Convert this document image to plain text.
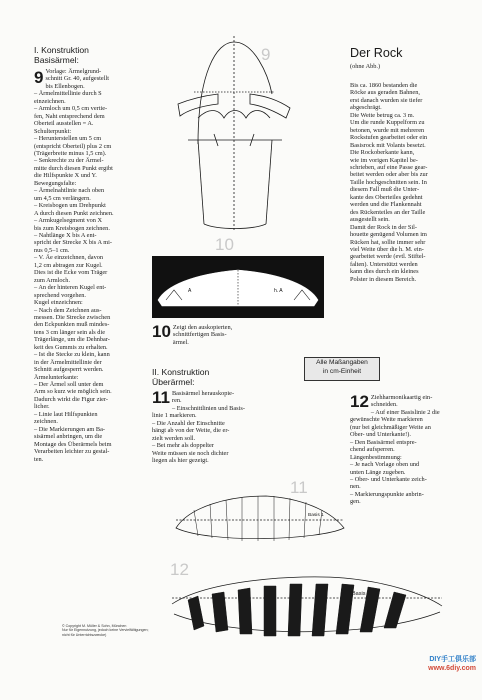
I. Konstruktion
Basisärmel:
9 Vorlage: Ärmelgrund-
schnitt Gr. 40, aufgestellt
bis Ellenbogen.
– Ärmelmittellinie durch S
einzeichnen.
– Armloch um 0,5 cm vertie-
fen, Naht entsprechend dem
Oberteil ausstellen = A.
Schulterpunkt:
– Herunterstellen um 5 cm
(entspricht Oberteil) plus 2 cm
(Trägerbreite minus 1,5 cm).
– Senkrechte zu der Ärmel-
mitte durch diesen Punkt ergibt
die Hilfspunkte X und Y.
Bewegungsfalte:
– Ärmelnahtlinie nach oben
um 4,5 cm verlängern.
– Kreisbogen um Drehpunkt
A durch diesen Punkt zeichnen.
– Armkugelsegment von X
bis zum Kreisbogen zeichnen.
– Nahtlänge X bis A ent-
spricht der Strecke X bis A mi-
nus 0,5–1 cm.
– V. Äe einzeichnen, davon
1,2 cm abtragen zur Kugel.
Dies ist die Ecke vom Träger
zum Armloch.
– An der hinteren Kugel ent-
sprechend vorgehen.
Kugel einzeichnen:
– Nach dem Zeichnen aus-
messen. Die Strecke zwischen
den Eckpunkten muß mindes-
tens 3 cm länger sein als die
Trägerlänge, um die Dehnbar-
keit des Gummis zu erhalten.
– Ist die Stecke zu klein, kann
in der Ärmelmittellinie der
Schnitt aufgesperrt werden.
Ärmelunterkante:
– Der Ärmel soll unter dem
Arm so kurz wie möglich sein.
Dadurch wirkt die Figur zier-
licher.
– Linie laut Hilfspunkten
zeichnen.
– Die Markierungen am Ba-
sisärmel anbringen, um die
Montage des Überärmels beim
Verarbeiten leichter zu gestal-
ten.
© Copyright M. Müller & Sohn, München
Nur für Eigennutzung, jedoch keine Vervielfältigungen;
nicht für Unterrichtszwecke)
9
10
A	h. A
10 Zeigt den auskopierten,
schnittfertigen Basis-
ärmel.
Alle Maßangaben
in cm-Einheit
II. Konstruktion
Überärmel:
11 Basisärmel herauskopie-
ren.
– Einschnittlinien und Basis-
linie 1 markieren.
– Die Anzahl der Einschnitte
hängt ab von der Weite, die er-
zielt werden soll.
– Bei mehr als doppelter
Weite müssen sie noch dichter
liegen als hier gezeigt.
Der Rock
(ohne Abb.)
Bis ca. 1860 bestanden die
Röcke aus geraden Bahnen,
erst danach wurden sie tiefer
abgeschrägt.
Die Weite betrug ca. 3 m.
Um die runde Kuppelform zu
betonen, wurde mit mehreren
Rockstufen gearbeitet oder ein
Basisrock mit Volants besetzt.
Die Rockoberkante kann,
wie im vorigen Kapitel be-
schrieben, auf eine Passe gear-
beitet werden oder aber bis zur
Taille hochgeschnitten sein. In
diesem Fall muß die Unter-
kante des Oberteiles gedehnt
werden und die Flankennaht
des Rückenteiles an der Taille
ausgestellt sein.
Damit der Rock in der Sil-
houette genügend Volumen im
Rücken hat, sollte immer sehr
viel Weite über die h. M. ein-
gearbeitet werde (evtl. Stiftel-
falten). Unterstützt werden
kann dies durch ein kleines
Polster in diesem Bereich.
12 Ziehharmonikaartig ein-
schneiden.
– Auf einer Basislinie 2 die
gewünschte Weite markieren
(nur bei gleichmäßiger Weite an
Ober- und Unterkante!).
– Den Basisärmel entspre-
chend aufsperren.
Längenbestimmung:
– Je nach Vorlage oben und
unten Länge zugeben.
– Ober- und Unterkante zeich-
nen.
– Markierungspunkte anbrin-
gen.
11
Basis 1
12
Basis 2
DIY手工俱乐部
www.6diy.com
